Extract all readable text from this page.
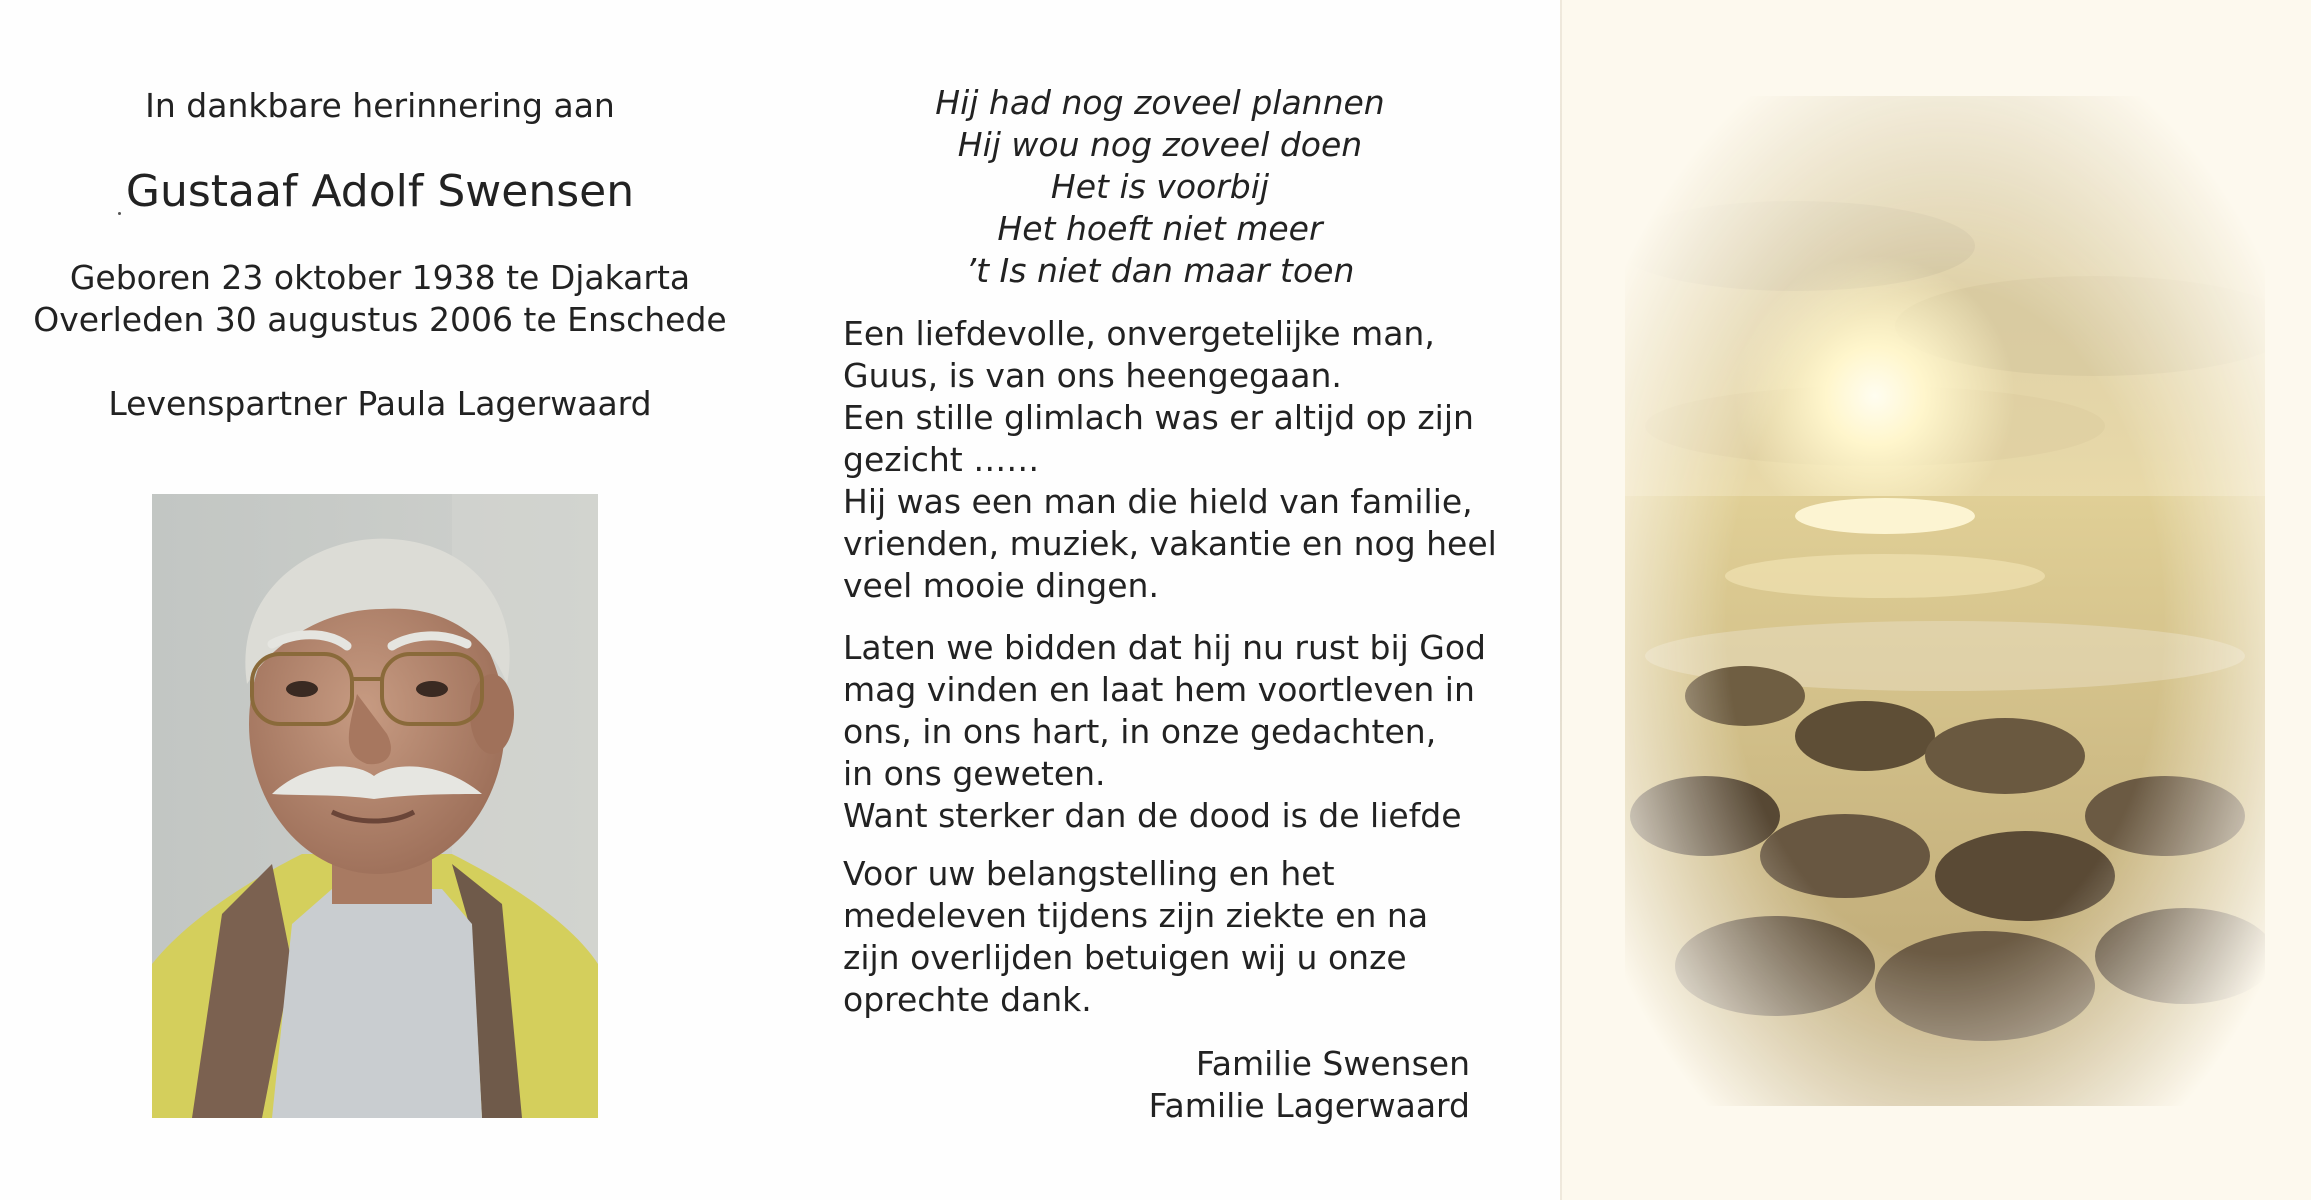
In dankbare herinnering aan
Gustaaf Adolf Swensen
Geboren 23 oktober 1938 te Djakarta
Overleden 30 augustus 2006 te Enschede
Levenspartner Paula Lagerwaard
Hij had nog zoveel plannen
Hij wou nog zoveel doen
Het is voorbij
Het hoeft niet meer
’t Is niet dan maar toen
Een liefdevolle, onvergetelijke man,
Guus, is van ons heengegaan.
Een stille glimlach was er altijd op zijn
gezicht ……
Hij was een man die hield van familie,
vrienden, muziek, vakantie en nog heel
veel mooie dingen.
Laten we bidden dat hij nu rust bij God
mag vinden en laat hem voortleven in
ons, in ons hart, in onze gedachten,
in ons geweten.
Want sterker dan de dood is de liefde
Voor uw belangstelling en het
medeleven tijdens zijn ziekte en na
zijn overlijden betuigen wij u onze
oprechte dank.
Familie Swensen
Familie Lagerwaard
